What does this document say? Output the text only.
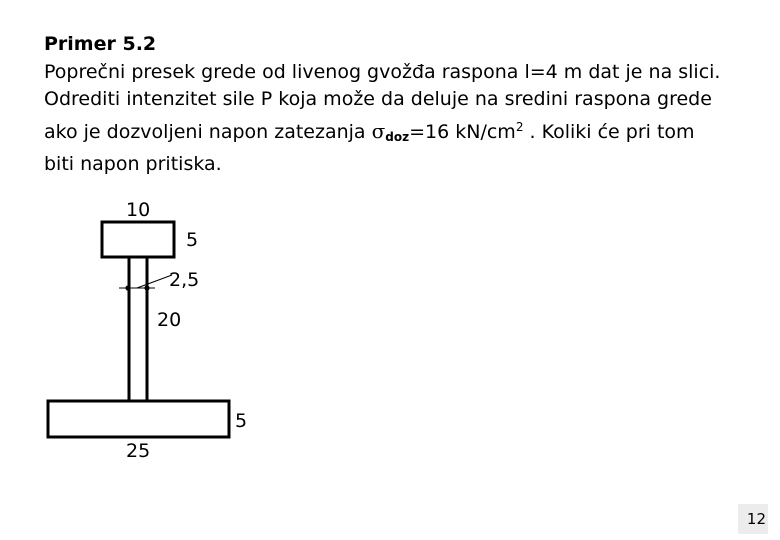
Primer 5.2
Poprečni presek grede od livenog gvožđa raspona l=4 m dat je na slici.
Odrediti intenzitet sile P koja može da deluje na sredini raspona grede
ako je dozvoljeni napon zatezanja $\sigma_{doz}=16$ $kN/cm^2$ . Koliki će pri tom
biti napon pritiska.
10
5
2,5
20
5
25
12
